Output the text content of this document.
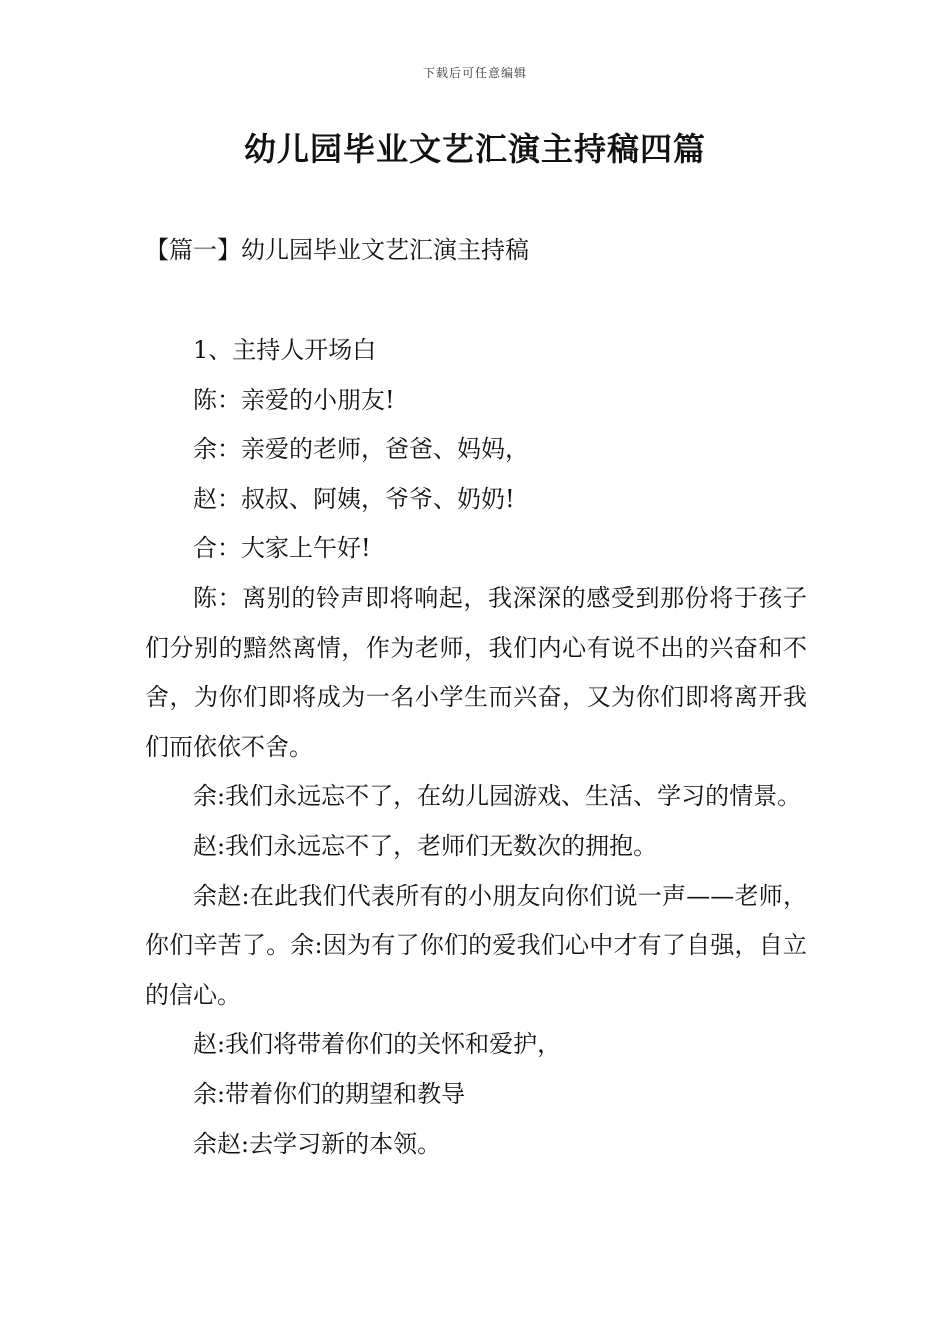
下载后可任意编辑
幼儿园毕业文艺汇演主持稿四篇
【篇一】幼儿园毕业文艺汇演主持稿

1、主持人开场白

陈：亲爱的小朋友!

余：亲爱的老师，爸爸、妈妈，

赵：叔叔、阿姨，爷爷、奶奶!

合：大家上午好!

陈：离别的铃声即将响起，我深深的感受到那份将于孩子们分别的黯然离情，作为老师，我们内心有说不出的兴奋和不舍，为你们即将成为一名小学生而兴奋，又为你们即将离开我们而依依不舍。

余:我们永远忘不了，在幼儿园游戏、生活、学习的情景。

赵:我们永远忘不了，老师们无数次的拥抱。

余赵:在此我们代表所有的小朋友向你们说一声——老师，你们辛苦了。余:因为有了你们的爱我们心中才有了自强，自立的信心。

赵:我们将带着你们的关怀和爱护，

余:带着你们的期望和教导

余赵:去学习新的本领。
